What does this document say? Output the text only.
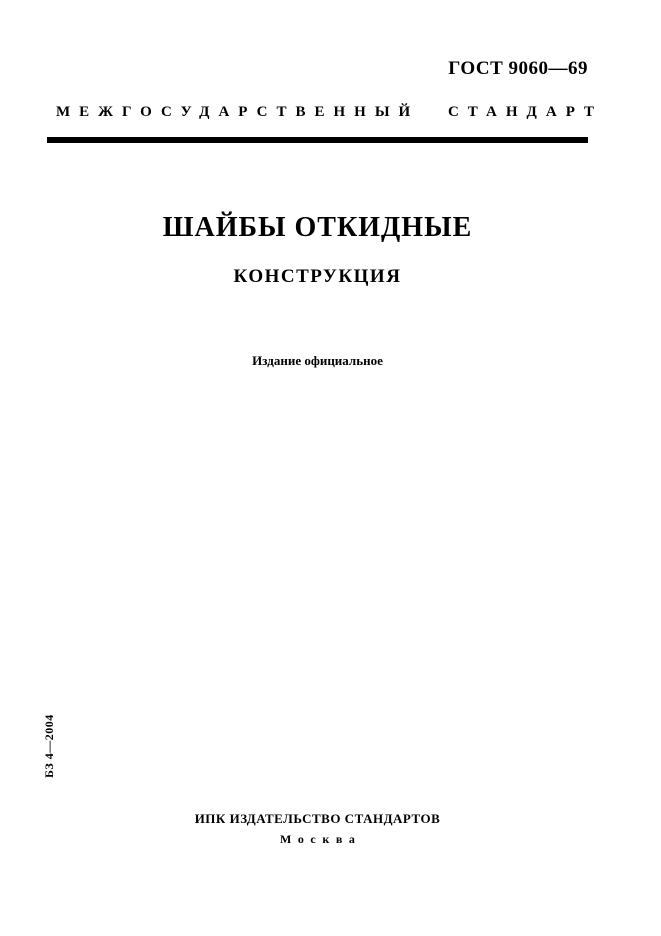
ГОСТ 9060—69
МЕЖГОСУДАРСТВЕННЫЙ СТАНДАРТ
ШАЙБЫ ОТКИДНЫЕ
КОНСТРУКЦИЯ
Издание официальное
ИПК ИЗДАТЕЛЬСТВО СТАНДАРТОВ
Москва
БЗ 4—2004
